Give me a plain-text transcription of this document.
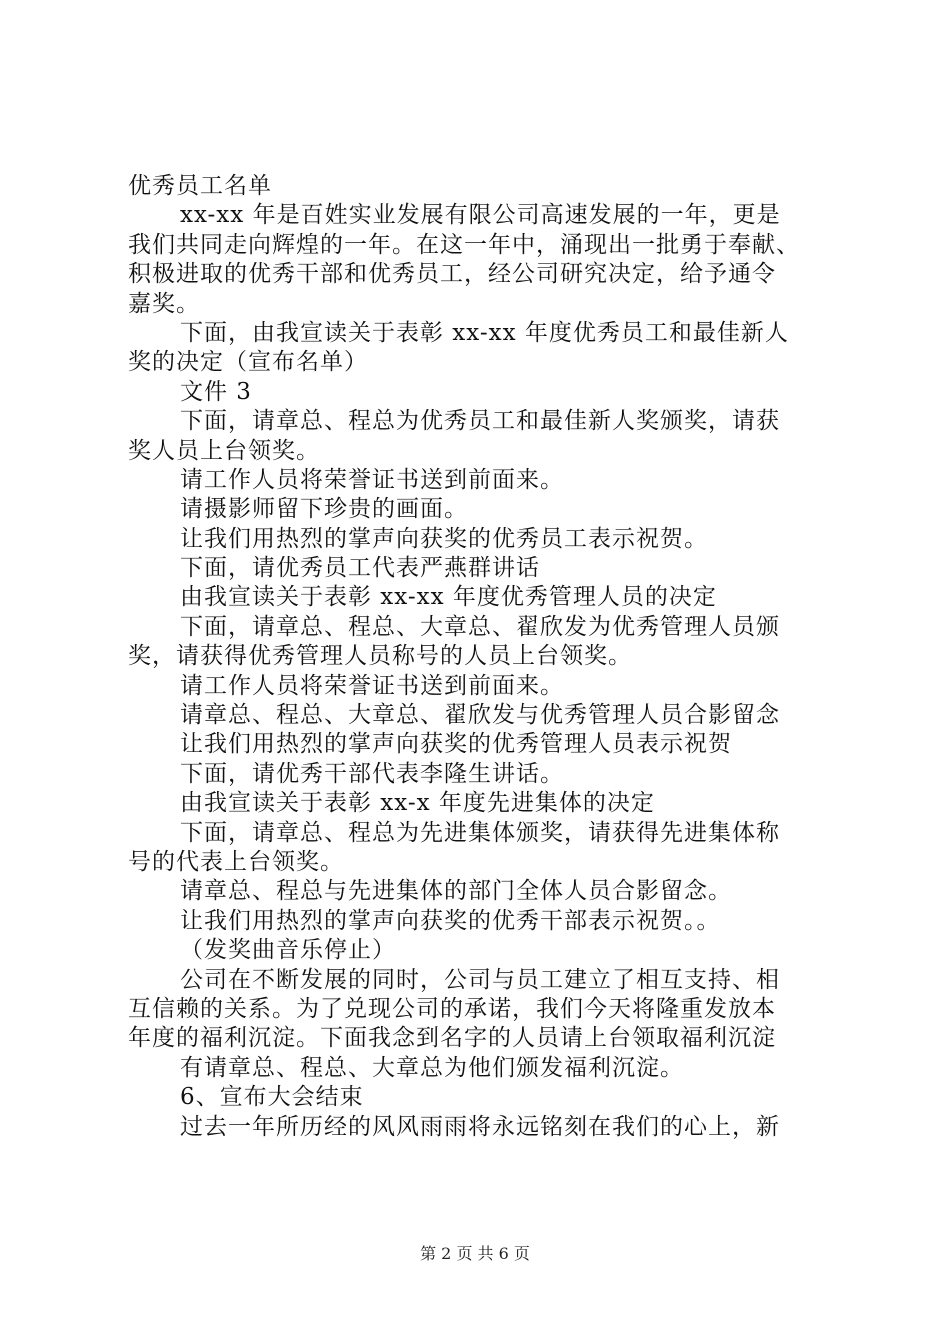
优秀员工名单
xx-xx 年是百姓实业发展有限公司高速发展的一年，更是
我们共同走向辉煌的一年。在这一年中，涌现出一批勇于奉献、
积极进取的优秀干部和优秀员工，经公司研究决定，给予通令
嘉奖。
下面，由我宣读关于表彰 xx-xx 年度优秀员工和最佳新人
奖的决定（宣布名单）
文件 3
下面，请章总、程总为优秀员工和最佳新人奖颁奖，请获
奖人员上台领奖。
请工作人员将荣誉证书送到前面来。
请摄影师留下珍贵的画面。
让我们用热烈的掌声向获奖的优秀员工表示祝贺。
下面，请优秀员工代表严燕群讲话
由我宣读关于表彰 xx-xx 年度优秀管理人员的决定
下面，请章总、程总、大章总、翟欣发为优秀管理人员颁
奖，请获得优秀管理人员称号的人员上台领奖。
请工作人员将荣誉证书送到前面来。
请章总、程总、大章总、翟欣发与优秀管理人员合影留念
让我们用热烈的掌声向获奖的优秀管理人员表示祝贺
下面，请优秀干部代表李隆生讲话。
由我宣读关于表彰 xx-x 年度先进集体的决定
下面，请章总、程总为先进集体颁奖，请获得先进集体称
号的代表上台领奖。
请章总、程总与先进集体的部门全体人员合影留念。
让我们用热烈的掌声向获奖的优秀干部表示祝贺。。
（发奖曲音乐停止）
公司在不断发展的同时，公司与员工建立了相互支持、相
互信赖的关系。为了兑现公司的承诺，我们今天将隆重发放本
年度的福利沉淀。下面我念到名字的人员请上台领取福利沉淀
有请章总、程总、大章总为他们颁发福利沉淀。
6、宣布大会结束
过去一年所历经的风风雨雨将永远铭刻在我们的心上，新
第 2 页 共 6 页
